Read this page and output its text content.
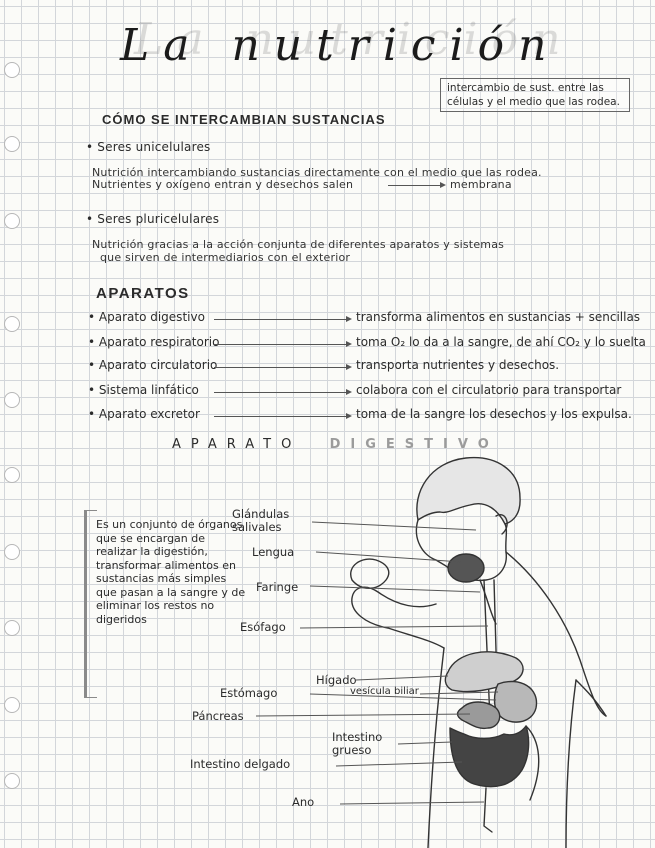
La nutrición
intercambio de sust. entre las células y el medio que las rodea.
CÓMO SE INTERCAMBIAN SUSTANCIAS
• Seres unicelulares
Nutrición intercambiando sustancias directamente con el medio que las rodea.
Nutrientes y oxígeno entran y desechos salen	membrana
• Seres pluricelulares
Nutrición gracias a la acción conjunta de diferentes aparatos y sistemas
que sirven de intermediarios con el exterior
APARATOS
• Aparato digestivo	transforma alimentos en sustancias + sencillas
• Aparato respiratorio	toma O₂ lo da a la sangre, de ahí CO₂ y lo suelta
• Aparato circulatorio	transporta nutrientes y desechos.
• Sistema linfático	colabora con el circulatorio para transportar
• Aparato excretor	toma de la sangre los desechos y los expulsa.
APARATO DIGESTIVO
Es un conjunto de órganos que se encargan de realizar la digestión, transformar alimentos en sustancias más simples que pasan a la sangre y de eliminar los restos no digeridos
Glándulas salivales
Lengua
Faringe
Esófago
Hígado
vesícula biliar
Estómago
Páncreas
Intestino grueso
Intestino delgado
Ano
